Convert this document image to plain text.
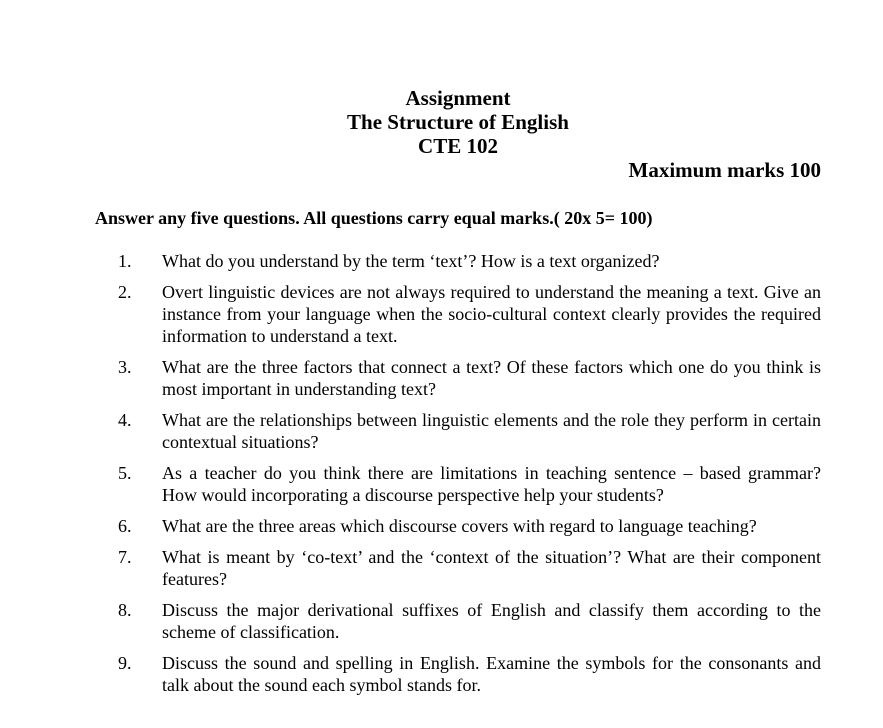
Assignment
The Structure of English
CTE 102
Maximum marks 100
Answer any five questions. All questions carry equal marks.( 20x 5= 100)
1.	What do you understand by the term ‘text’? How is a text organized?
2.	Overt linguistic devices are not always required to understand the meaning a text. Give an instance from your language when the socio-cultural context clearly provides the required information to understand a text.
3.	What are the three factors that connect a text? Of these factors which one do you think is most important in understanding text?
4.	What are the relationships between linguistic elements and the role they perform in certain contextual situations?
5.	As a teacher do you think there are limitations in teaching sentence – based grammar? How would incorporating a discourse perspective help your students?
6.	What are the three areas which discourse covers with regard to language teaching?
7.	What is meant by ‘co-text’ and the ‘context of the situation’? What are their component features?
8.	Discuss the major derivational suffixes of English and classify them according to the scheme of classification.
9.	Discuss the sound and spelling in English. Examine the symbols for the consonants and talk about the sound each symbol stands for.
